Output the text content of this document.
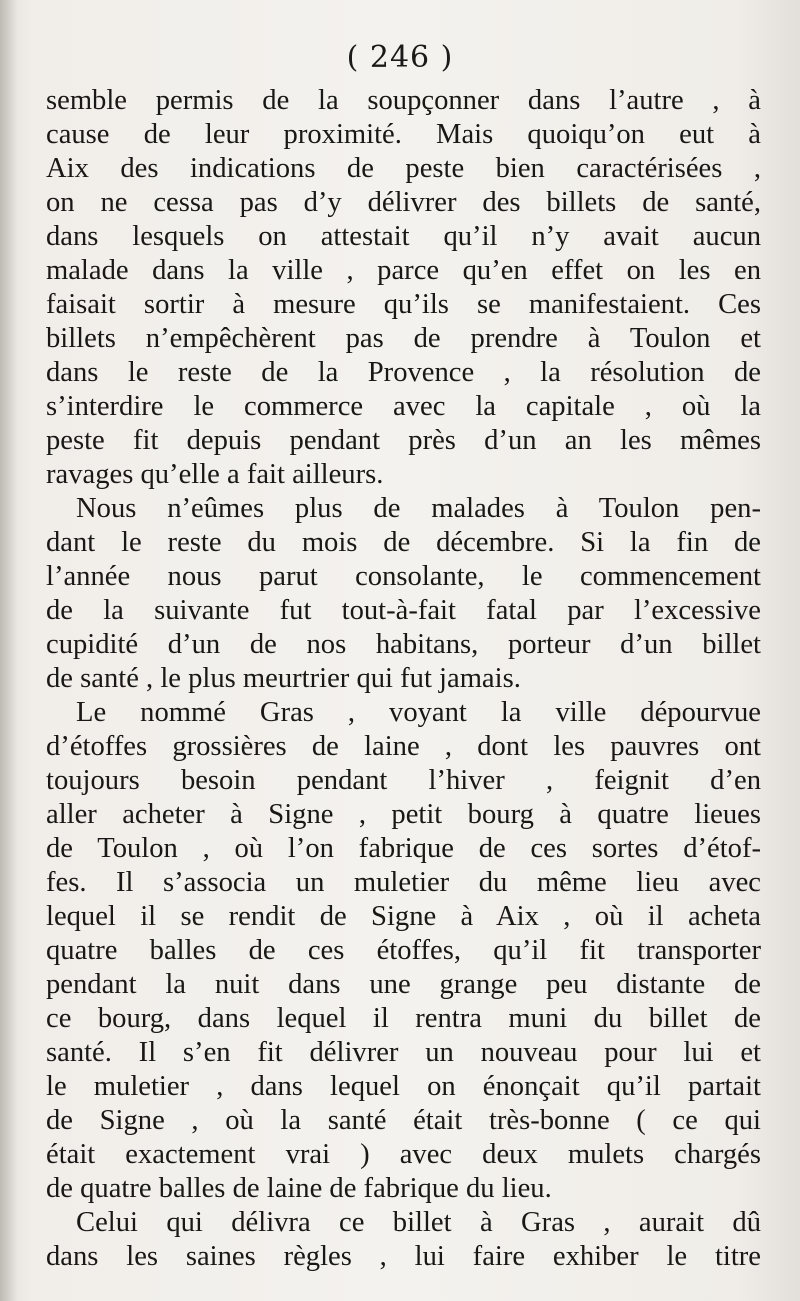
( 246 )
semble permis de la soupçonner dans l’autre , à
cause de leur proximité. Mais quoiqu’on eut à
Aix des indications de peste bien caractérisées ,
on ne cessa pas d’y délivrer des billets de santé,
dans lesquels on attestait qu’il n’y avait aucun
malade dans la ville , parce qu’en effet on les en
faisait sortir à mesure qu’ils se manifestaient. Ces
billets n’empêchèrent pas de prendre à Toulon et
dans le reste de la Provence , la résolution de
s’interdire le commerce avec la capitale , où la
peste fit depuis pendant près d’un an les mêmes
ravages qu’elle a fait ailleurs.
Nous n’eûmes plus de malades à Toulon pen-
dant le reste du mois de décembre. Si la fin de
l’année nous parut consolante, le commencement
de la suivante fut tout-à-fait fatal par l’excessive
cupidité d’un de nos habitans, porteur d’un billet
de santé , le plus meurtrier qui fut jamais.
Le nommé Gras , voyant la ville dépourvue
d’étoffes grossières de laine , dont les pauvres ont
toujours besoin pendant l’hiver , feignit d’en
aller acheter à Signe , petit bourg à quatre lieues
de Toulon , où l’on fabrique de ces sortes d’étof-
fes. Il s’associa un muletier du même lieu avec
lequel il se rendit de Signe à Aix , où il acheta
quatre balles de ces étoffes, qu’il fit transporter
pendant la nuit dans une grange peu distante de
ce bourg, dans lequel il rentra muni du billet de
santé. Il s’en fit délivrer un nouveau pour lui et
le muletier , dans lequel on énonçait qu’il partait
de Signe , où la santé était très-bonne ( ce qui
était exactement vrai ) avec deux mulets chargés
de quatre balles de laine de fabrique du lieu.
Celui qui délivra ce billet à Gras , aurait dû
dans les saines règles , lui faire exhiber le titre
